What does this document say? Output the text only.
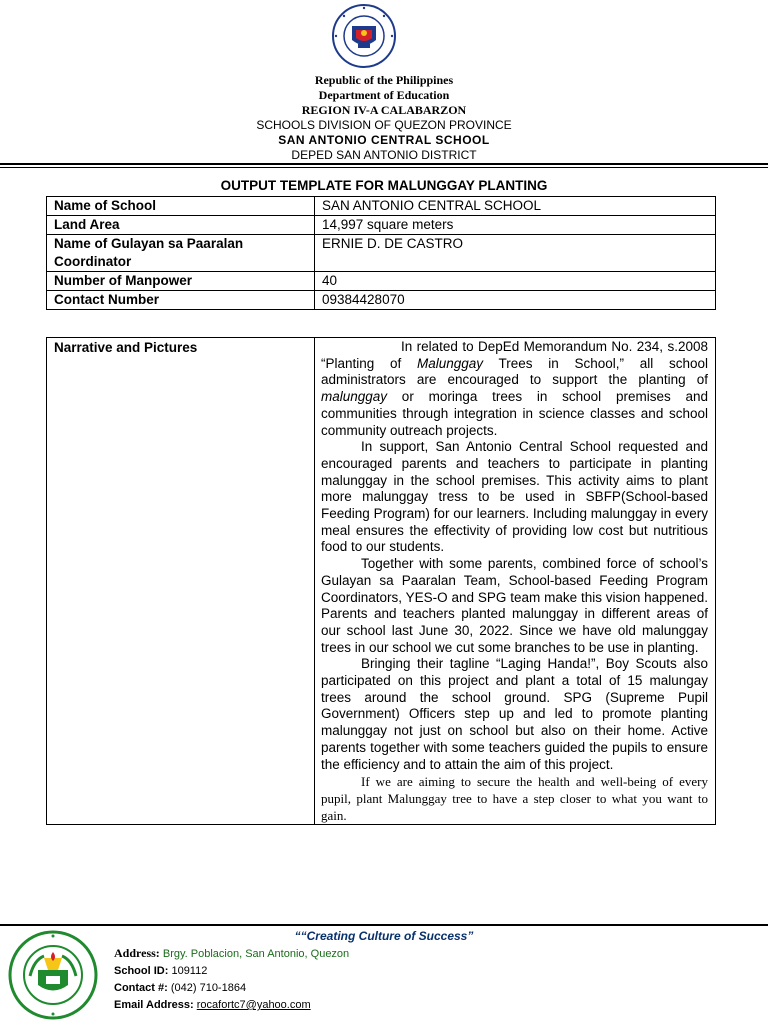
Republic of the Philippines
Department of Education
REGION IV-A CALABARZON
SCHOOLS DIVISION OF QUEZON PROVINCE
SAN ANTONIO CENTRAL SCHOOL
DEPED SAN ANTONIO DISTRICT
OUTPUT TEMPLATE FOR MALUNGGAY PLANTING
Name of School	SAN ANTONIO CENTRAL SCHOOL
Land Area	14,997 square meters
Name of Gulayan sa Paaralan Coordinator	ERNIE D. DE CASTRO
Number of Manpower	40
Contact Number	09384428070
Narrative and Pictures	In related to DepEd Memorandum No. 234, s.2008 “Planting of Malunggay Trees in School,” all school administrators are encouraged to support the planting of malunggay or moringa trees in school premises and communities through integration in science classes and school community outreach projects.

In support, San Antonio Central School requested and encouraged parents and teachers to participate in planting malunggay in the school premises. This activity aims to plant more malunggay tress to be used in SBFP(School-based Feeding Program) for our learners. Including malunggay in every meal ensures the effectivity of providing low cost but nutritious food to our students.

Together with some parents, combined force of school’s Gulayan sa Paaralan Team, School-based Feeding Program Coordinators, YES-O and SPG team make this vision happened. Parents and teachers planted malunggay in different areas of our school last June 30, 2022. Since we have old malunggay trees in our school we cut some branches to be use in planting.

Bringing their tagline “Laging Handa!”, Boy Scouts also participated on this project and plant a total of 15 malungay trees around the school ground. SPG (Supreme Pupil Government) Officers step up and led to promote planting malunggay not just on school but also on their home. Active parents together with some teachers guided the pupils to ensure the efficiency and to attain the aim of this project.

If we are aiming to secure the health and well-being of every pupil, plant Malunggay tree to have a step closer to what you want to gain.

““Creating Culture of Success”
Address: Brgy. Poblacion, San Antonio, Quezon
School ID: 109112
Contact #: (042) 710-1864
Email Address: rocafortc7@yahoo.com
